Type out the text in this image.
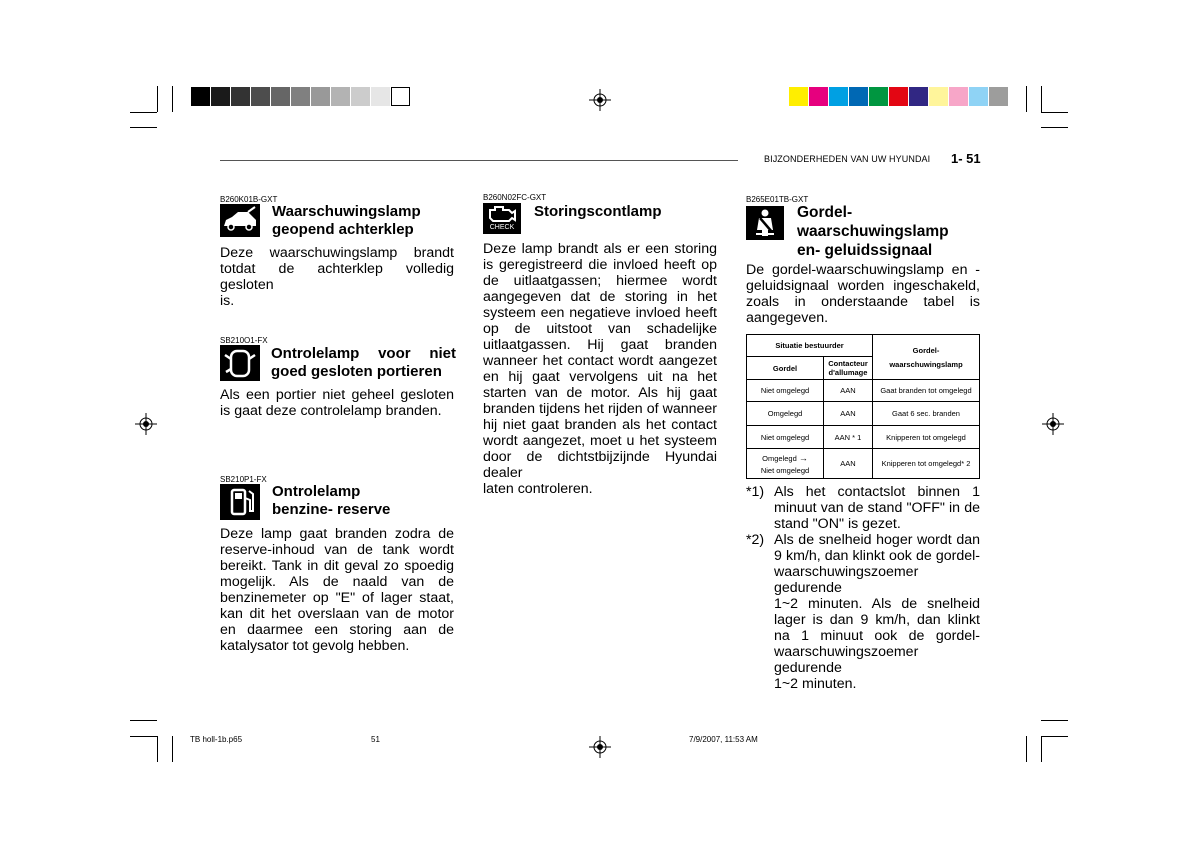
BIJZONDERHEDEN VAN UW HYUNDAI 1- 51
B260K01B-GXT
Waarschuwingslamp
geopend achterklep
Deze waarschuwingslamp brandt
totdat de achterklep volledig gesloten
is.
SB210O1-FX
Ontrolelamp voor niet
goed gesloten portieren
Als een portier niet geheel gesloten
is gaat deze controlelamp branden.
SB210P1-FX
Ontrolelamp
benzine- reserve
Deze lamp gaat branden zodra de
reserve-inhoud van de tank wordt
bereikt. Tank in dit geval zo spoedig
mogelijk. Als de naald van de
benzinemeter op "E" of lager staat,
kan dit het overslaan van de motor
en daarmee een storing aan de
katalysator tot gevolg hebben.
B260N02FC-GXT
CHECK
Storingscontlamp
Deze lamp brandt als er een storing
is geregistreerd die invloed heeft op
de uitlaatgassen; hiermee wordt
aangegeven dat de storing in het
systeem een negatieve invloed heeft
op de uitstoot van schadelijke
uitlaatgassen. Hij gaat branden
wanneer het contact wordt aangezet
en hij gaat vervolgens uit na het
starten van de motor. Als hij gaat
branden tijdens het rijden of wanneer
hij niet gaat branden als het contact
wordt aangezet, moet u het systeem
door de dichtstbijzijnde Hyundai dealer
laten controleren.
B265E01TB-GXT
Gordel-
waarschuwingslamp
en- geluidssignaal
De gordel-waarschuwingslamp en -
geluidsignaal worden ingeschakeld,
zoals in onderstaande tabel is
aangegeven.
Situatie bestuurder		Gordel-
waarschuwingslamp

Gordel	Contacteur
d'allumage	

Niet omgelegd	AAN	Gaat branden tot omgelegd
Omgelegd	AAN	Gaat 6 sec. branden
Niet omgelegd	AAN * 1	Knipperen tot omgelegd

Omgelegd →
Niet omgelegd	AAN	Knipperen tot omgelegd* 2
*1) Als het contactslot binnen 1
minuut van de stand "OFF" in de
stand "ON" is gezet.
*2) Als de snelheid hoger wordt dan
9 km/h, dan klinkt ook de gordel-
waarschuwingszoemer gedurende
1~2 minuten. Als de snelheid
lager is dan 9 km/h, dan klinkt
na 1 minuut ook de gordel-
waarschuwingszoemer gedurende
1~2 minuten.
TB holl-1b.p65	51	7/9/2007, 11:53 AM
